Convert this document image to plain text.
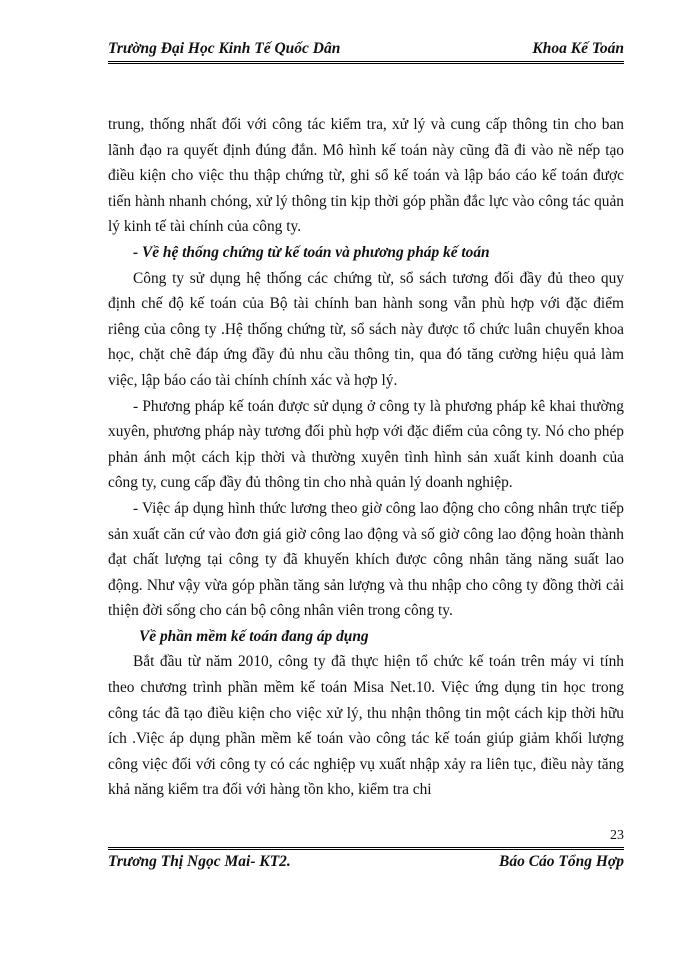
Trường Đại Học Kinh Tế Quốc Dân	Khoa Kế Toán

trung, thống nhất đối với công tác kiểm tra, xử lý và cung cấp thông tin cho ban lãnh đạo ra quyết định đúng đắn. Mô hình kế toán này cũng đã đi vào nề nếp tạo điều kiện cho việc thu thập chứng từ, ghi sổ kế toán và lập báo cáo kế toán được tiến hành nhanh chóng, xử lý thông tin kịp thời góp phần đắc lực vào công tác quản lý kinh tế tài chính của công ty.

- Về hệ thống chứng từ kế toán và phương pháp kế toán

Công ty sử dụng hệ thống các chứng từ, sổ sách tương đối đầy đủ theo quy định chế độ kế toán của Bộ tài chính ban hành song vẫn phù hợp với đặc điểm riêng của công ty .Hệ thống chứng từ, sổ sách này được tổ chức luân chuyển khoa học, chặt chẽ đáp ứng đầy đủ nhu cầu thông tin, qua đó tăng cường hiệu quả làm việc, lập báo cáo tài chính chính xác và hợp lý.

- Phương pháp kế toán được sử dụng ở công ty là phương pháp kê khai thường xuyên, phương pháp này tương đối phù hợp với đặc điểm của công ty. Nó cho phép phản ánh một cách kịp thời và thường xuyên tình hình sản xuất kinh doanh của công ty, cung cấp đầy đủ thông tin cho nhà quản lý doanh nghiệp.

- Việc áp dụng hình thức lương theo giờ công lao động cho công nhân trực tiếp sản xuất căn cứ vào đơn giá giờ công lao động và số giờ công lao động hoàn thành đạt chất lượng tại công ty đã khuyến khích được công nhân tăng năng suất lao động. Như vậy vừa góp phần tăng sản lượng và thu nhập cho công ty đồng thời cải thiện đời sống cho cán bộ công nhân viên trong công ty.

Về phần mềm kế toán đang áp dụng

Bắt đầu từ năm 2010, công ty đã thực hiện tổ chức kế toán trên máy vi tính theo chương trình phần mềm kế toán Misa Net.10. Việc ứng dụng tin học trong công tác đã tạo điều kiện cho việc xử lý, thu nhận thông tin một cách kịp thời hữu ích .Việc áp dụng phần mềm kế toán vào công tác kế toán giúp giảm khối lượng công việc đối với công ty có các nghiệp vụ xuất nhập xảy ra liên tục, điều này tăng khả năng kiểm tra đối với hàng tồn kho, kiểm tra chi

23
Trương Thị Ngọc Mai- KT2.	Báo Cáo Tổng Hợp
